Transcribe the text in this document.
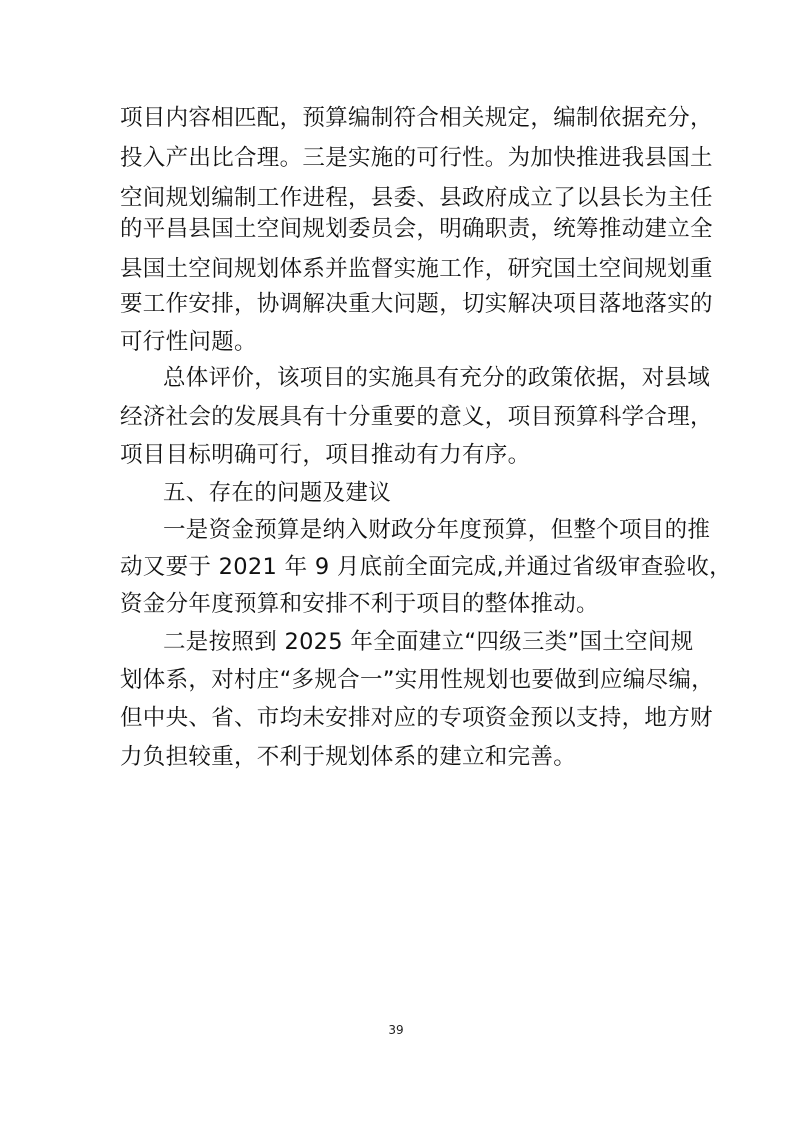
项目内容相匹配，预算编制符合相关规定，编制依据充分，
投入产出比合理。三是实施的可行性。为加快推进我县国土
空间规划编制工作进程，县委、县政府成立了以县长为主任
的平昌县国土空间规划委员会，明确职责，统筹推动建立全
县国土空间规划体系并监督实施工作，研究国土空间规划重
要工作安排，协调解决重大问题，切实解决项目落地落实的
可行性问题。
总体评价，该项目的实施具有充分的政策依据，对县域
经济社会的发展具有十分重要的意义，项目预算科学合理，
项目目标明确可行，项目推动有力有序。
五、存在的问题及建议
一是资金预算是纳入财政分年度预算，但整个项目的推
动又要于 2021 年 9 月底前全面完成,并通过省级审查验收，
资金分年度预算和安排不利于项目的整体推动。
二是按照到 2025 年全面建立“四级三类”国土空间规
划体系，对村庄“多规合一”实用性规划也要做到应编尽编，
但中央、省、市均未安排对应的专项资金预以支持，地方财
力负担较重，不利于规划体系的建立和完善。
39
